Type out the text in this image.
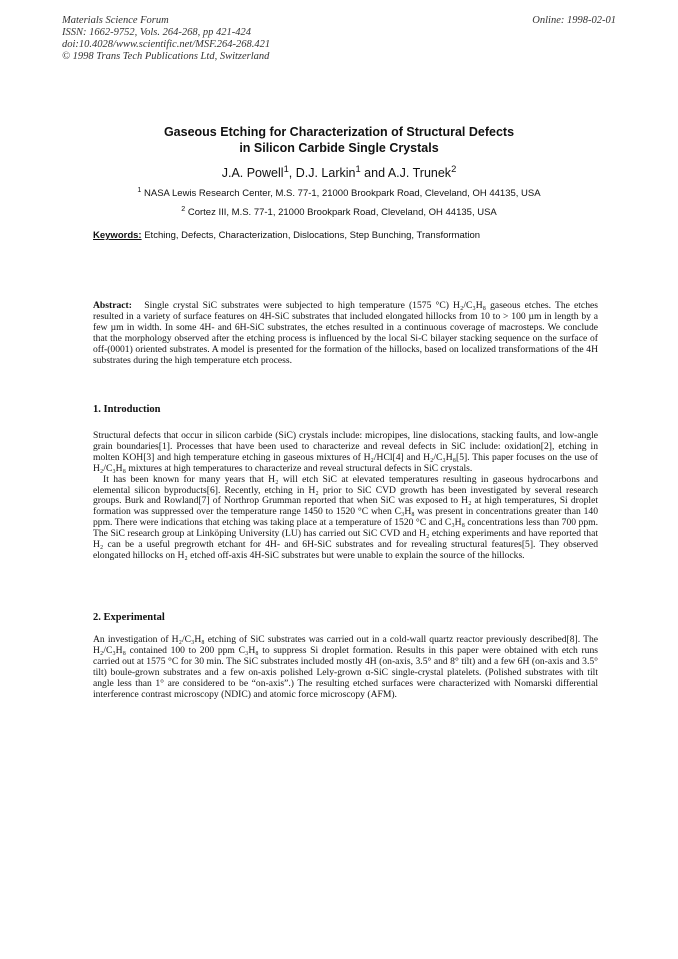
Materials Science Forum
ISSN: 1662-9752, Vols. 264-268, pp 421-424
doi:10.4028/www.scientific.net/MSF.264-268.421
© 1998 Trans Tech Publications Ltd, Switzerland
Online: 1998-02-01
Gaseous Etching for Characterization of Structural Defects
in Silicon Carbide Single Crystals
J.A. Powell$^1$, D.J. Larkin$^1$ and A.J. Trunek$^2$
$^1$ NASA Lewis Research Center, M.S. 77-1, 21000 Brookpark Road, Cleveland, OH 44135, USA
$^2$ Cortez III, M.S. 77-1, 21000 Brookpark Road, Cleveland, OH 44135, USA
Keywords: Etching, Defects, Characterization, Dislocations, Step Bunching, Transformation
Abstract: Single crystal SiC substrates were subjected to high temperature (1575 °C) H₂/C₃H₈ gaseous etches. The etches resulted in a variety of surface features on 4H-SiC substrates that included elongated hillocks from 10 to > 100 µm in length by a few µm in width. In some 4H- and 6H-SiC substrates, the etches resulted in a continuous coverage of macrosteps. We conclude that the morphology observed after the etching process is influenced by the local Si-C bilayer stacking sequence on the surface of off-(0001) oriented substrates. A model is presented for the formation of the hillocks, based on localized transformations of the 4H substrates during the high temperature etch process.
1. Introduction

Structural defects that occur in silicon carbide (SiC) crystals include: micropipes, line dislocations, stacking faults, and low-angle grain boundaries[1]. Processes that have been used to characterize and reveal defects in SiC include: oxidation[2], etching in molten KOH[3] and high temperature etching in gaseous mixtures of H₂/HCl[4] and H₂/C₃H₈[5]. This paper focuses on the use of H₂/C₃H₈ mixtures at high temperatures to characterize and reveal structural defects in SiC crystals.

It has been known for many years that H₂ will etch SiC at elevated temperatures resulting in gaseous hydrocarbons and elemental silicon byproducts[6]. Recently, etching in H₂ prior to SiC CVD growth has been investigated by several research groups. Burk and Rowland[7] of Northrop Grumman reported that when SiC was exposed to H₂ at high temperatures, Si droplet formation was suppressed over the temperature range 1450 to 1520 °C when C₃H₈ was present in concentrations greater than 140 ppm. There were indications that etching was taking place at a temperature of 1520 °C and C₃H₈ concentrations less than 700 ppm. The SiC research group at Linköping University (LU) has carried out SiC CVD and H₂ etching experiments and have reported that H₂ can be a useful pregrowth etchant for 4H- and 6H-SiC substrates and for revealing structural features[5]. They observed elongated hillocks on H₂ etched off-axis 4H-SiC substrates but were unable to explain the source of the hillocks.

2. Experimental

An investigation of H₂/C₃H₈ etching of SiC substrates was carried out in a cold-wall quartz reactor previously described[8]. The H₂/C₃H₈ contained 100 to 200 ppm C₃H₈ to suppress Si droplet formation. Results in this paper were obtained with etch runs carried out at 1575 °C for 30 min. The SiC substrates included mostly 4H (on-axis, 3.5° and 8° tilt) and a few 6H (on-axis and 3.5° tilt) boule-grown substrates and a few on-axis polished Lely-grown α-SiC single-crystal platelets. (Polished substrates with tilt angle less than 1° are considered to be “on-axis”.) The resulting etched surfaces were characterized with Nomarski differential interference contrast microscopy (NDIC) and atomic force microscopy (AFM).
